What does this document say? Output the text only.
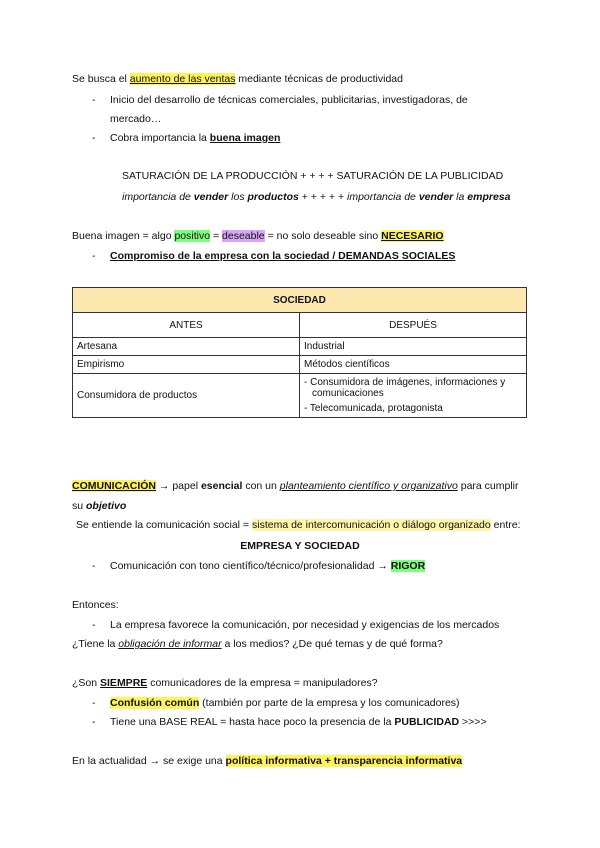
Se busca el aumento de las ventas mediante técnicas de productividad
- Inicio del desarrollo de técnicas comerciales, publicitarias, investigadoras, de
mercado…
- Cobra importancia la buena imagen
SATURACIÓN DE LA PRODUCCIÓN + + + + SATURACIÓN DE LA PUBLICIDAD
importancia de vender los productos + + + + + importancia de vender la empresa
Buena imagen = algo positivo = deseable = no solo deseable sino NECESARIO
- Compromiso de la empresa con la sociedad / DEMANDAS SOCIALES
SOCIEDAD	
ANTES	DESPUÉS
Artesana	Industrial
Empirismo	Métodos científicos
Consumidora de productos	- Consumidora de imágenes, informaciones y
comunicaciones
- Telecomunicada, protagonista
COMUNICACIÓN → papel esencial con un planteamiento científico y organizativo para cumplir
su objetivo
Se entiende la comunicación social = sistema de intercomunicación o diálogo organizado entre:
EMPRESA Y SOCIEDAD
- Comunicación con tono científico/técnico/profesionalidad → RIGOR
Entonces:
- La empresa favorece la comunicación, por necesidad y exigencias de los mercados
¿Tiene la obligación de informar a los medios? ¿De qué temas y de qué forma?
¿Son SIEMPRE comunicadores de la empresa = manipuladores?
- Confusión común (también por parte de la empresa y los comunicadores)
- Tiene una BASE REAL = hasta hace poco la presencia de la PUBLICIDAD >>>>
En la actualidad → se exige una política informativa + transparencia informativa
